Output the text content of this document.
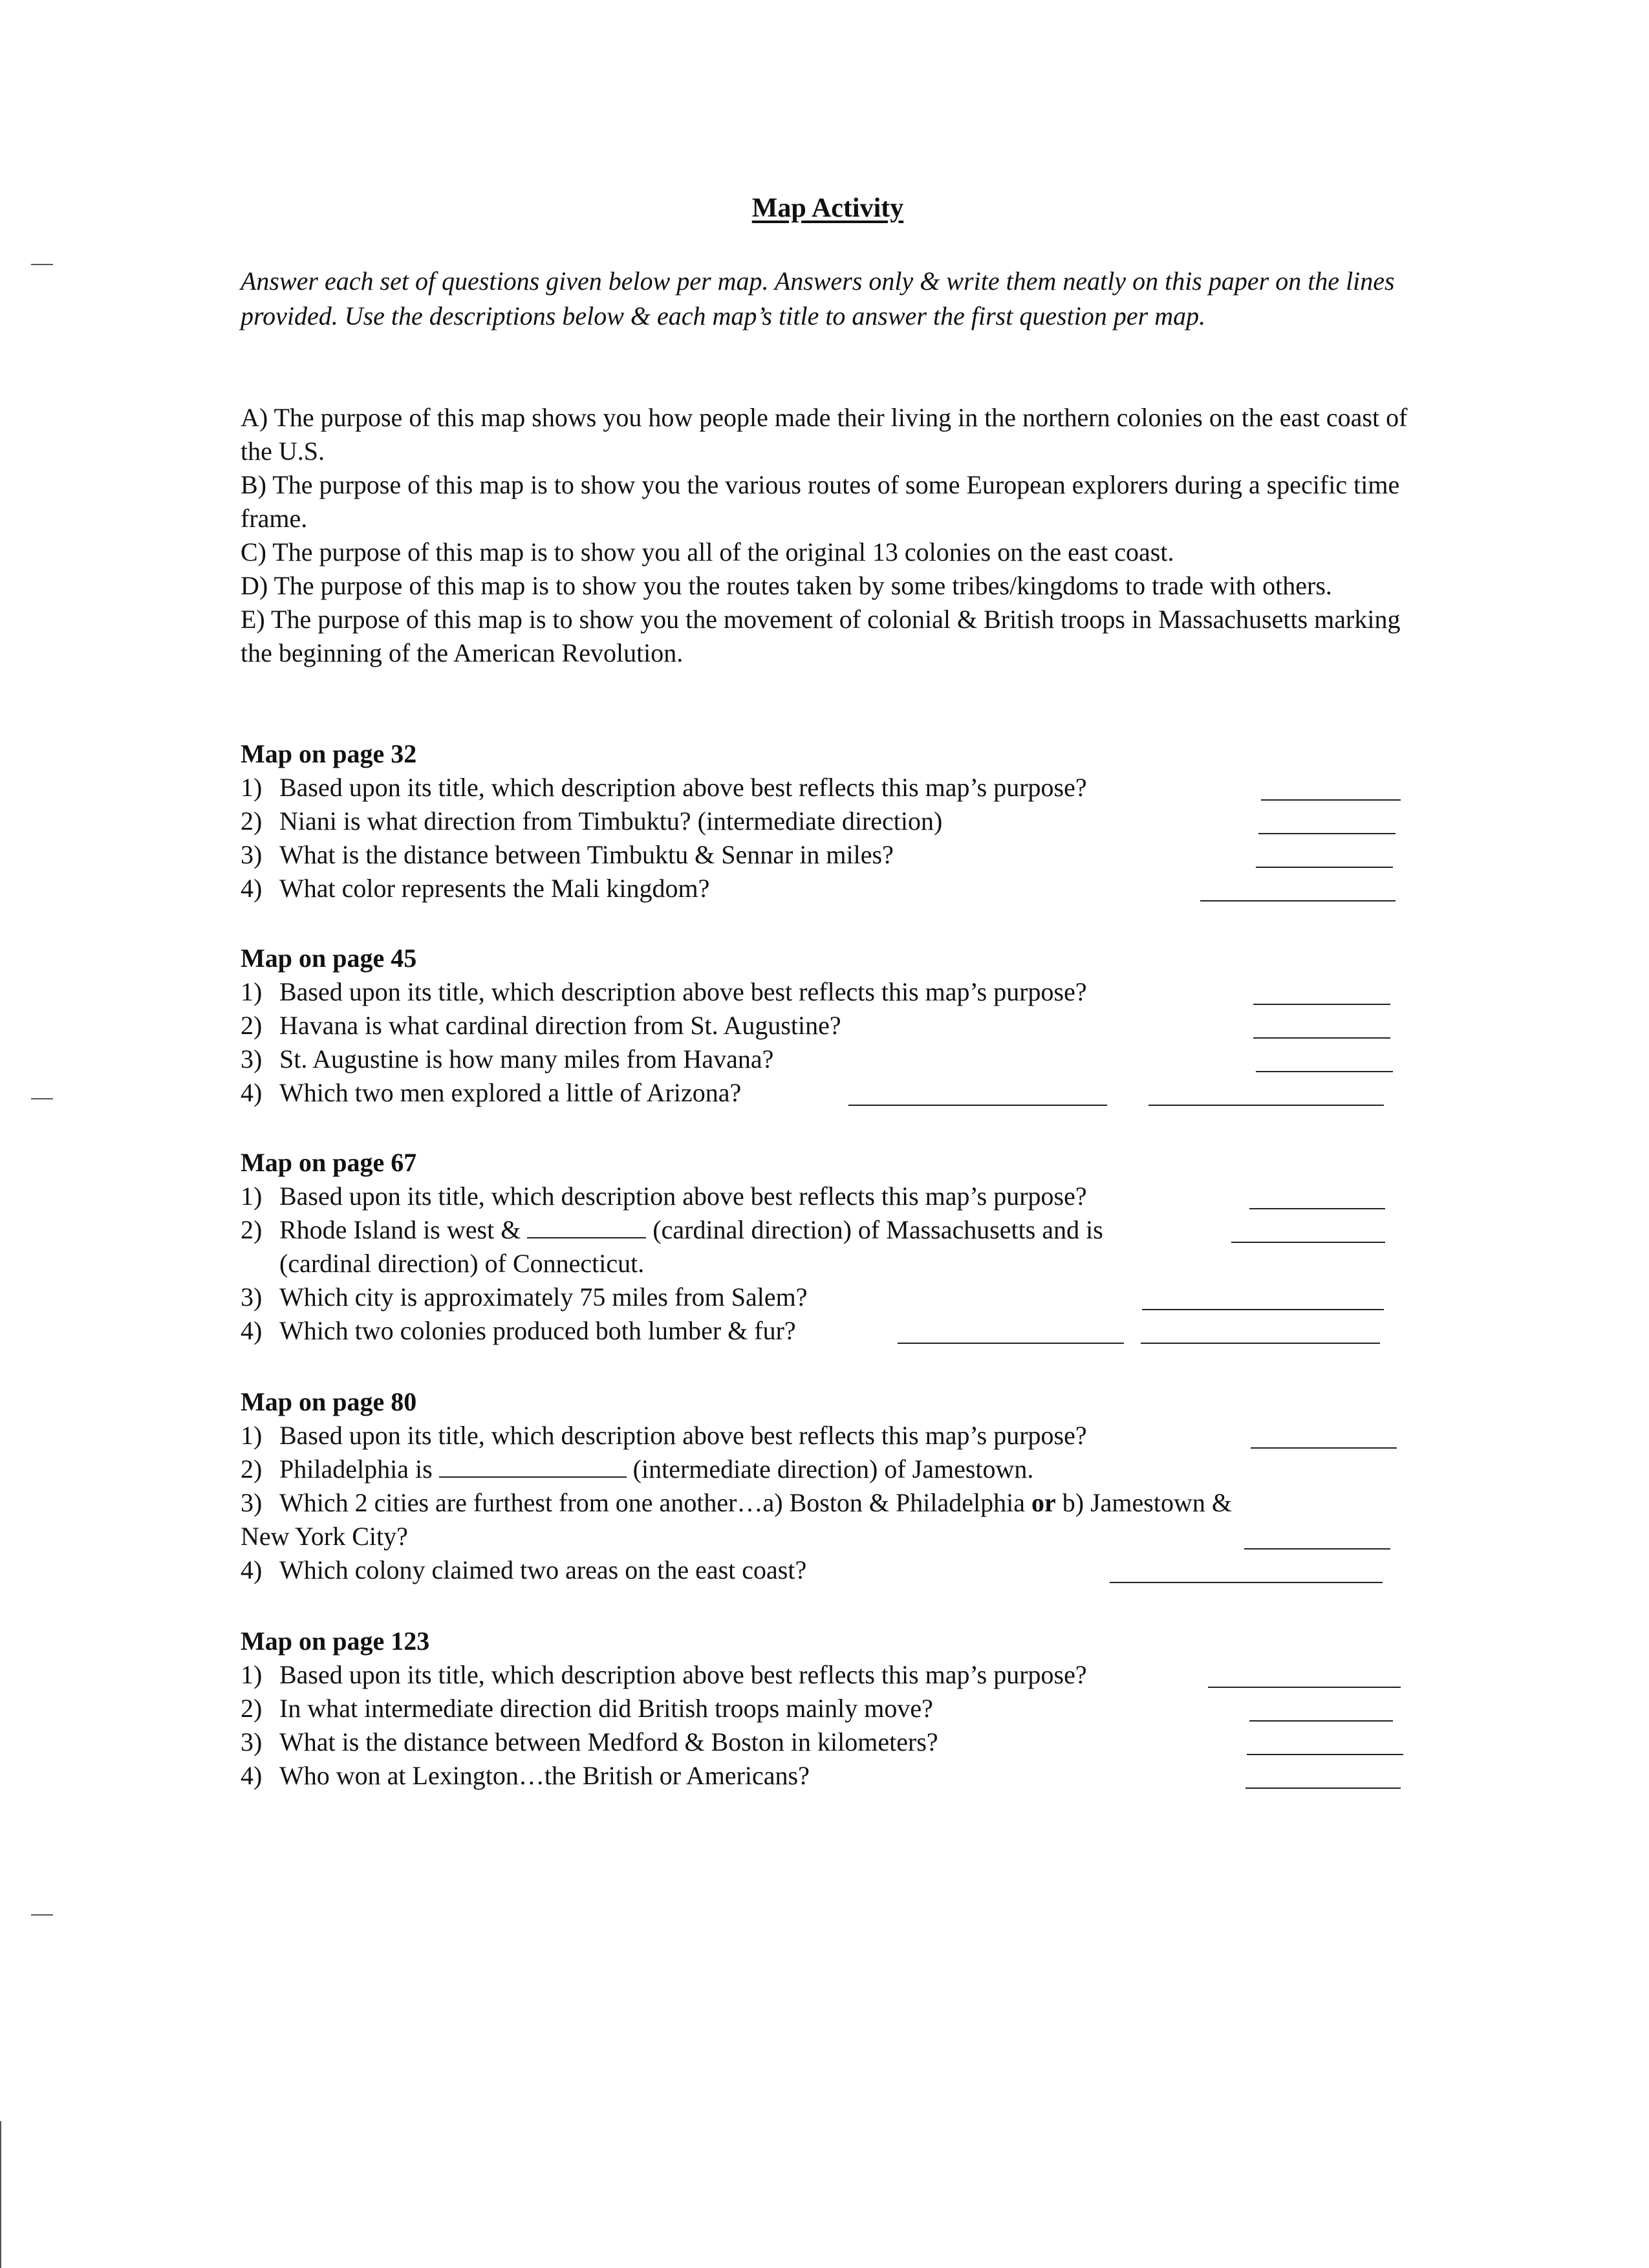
Map Activity
Answer each set of questions given below per map. Answers only & write them neatly on this paper on the lines provided. Use the descriptions below & each map’s title to answer the first question per map.

A) The purpose of this map shows you how people made their living in the northern colonies on the east coast of the U.S.

B) The purpose of this map is to show you the various routes of some European explorers during a specific time frame.

C) The purpose of this map is to show you all of the original 13 colonies on the east coast.

D) The purpose of this map is to show you the routes taken by some tribes/kingdoms to trade with others.

E) The purpose of this map is to show you the movement of colonial & British troops in Massachusetts marking the beginning of the American Revolution.

Map on page 32

1) Based upon its title, which description above best reflects this map’s purpose?

2) Niani is what direction from Timbuktu? (intermediate direction)

3) What is the distance between Timbuktu & Sennar in miles?

4) What color represents the Mali kingdom?

Map on page 45

1) Based upon its title, which description above best reflects this map’s purpose?

2) Havana is what cardinal direction from St. Augustine?

3) St. Augustine is how many miles from Havana?

4) Which two men explored a little of Arizona?

Map on page 67

1) Based upon its title, which description above best reflects this map’s purpose?

2) Rhode Island is west &	(cardinal direction) of Massachusetts and is

(cardinal direction) of Connecticut.

3) Which city is approximately 75 miles from Salem?

4) Which two colonies produced both lumber & fur?

Map on page 80

1) Based upon its title, which description above best reflects this map’s purpose?

2) Philadelphia is	(intermediate direction) of Jamestown.

3) Which 2 cities are furthest from one another…a) Boston & Philadelphia or b) Jamestown &

New York City?

4) Which colony claimed two areas on the east coast?

Map on page 123

1) Based upon its title, which description above best reflects this map’s purpose?

2) In what intermediate direction did British troops mainly move?

3) What is the distance between Medford & Boston in kilometers?

4) Who won at Lexington…the British or Americans?
